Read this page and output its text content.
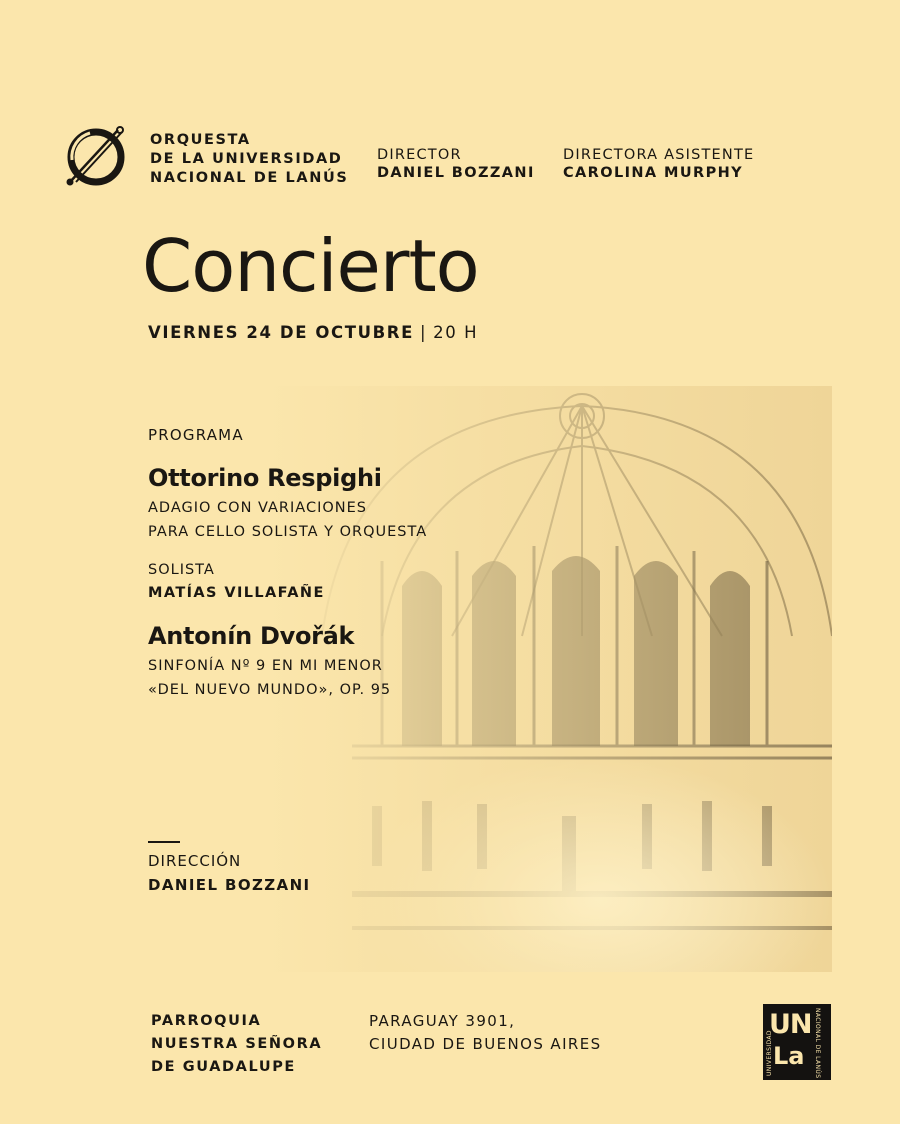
ORQUESTA
DE LA UNIVERSIDAD
NACIONAL DE LANÚS
DIRECTOR
DANIEL BOZZANI
DIRECTORA ASISTENTE
CAROLINA MURPHY
Concierto
VIERNES 24 DE OCTUBRE | 20 H
PROGRAMA
Ottorino Respighi
ADAGIO CON VARIACIONES
PARA CELLO SOLISTA Y ORQUESTA
SOLISTA
MATÍAS VILLAFAÑE
Antonín Dvořák
SINFONÍA Nº 9 EN MI MENOR
«DEL NUEVO MUNDO», OP. 95
DIRECCIÓN
DANIEL BOZZANI
PARROQUIA
NUESTRA SEÑORA
DE GUADALUPE
PARAGUAY 3901,
CIUDAD DE BUENOS AIRES
UN
La
UNIVERSIDAD	NACIONAL DE LANÚS
